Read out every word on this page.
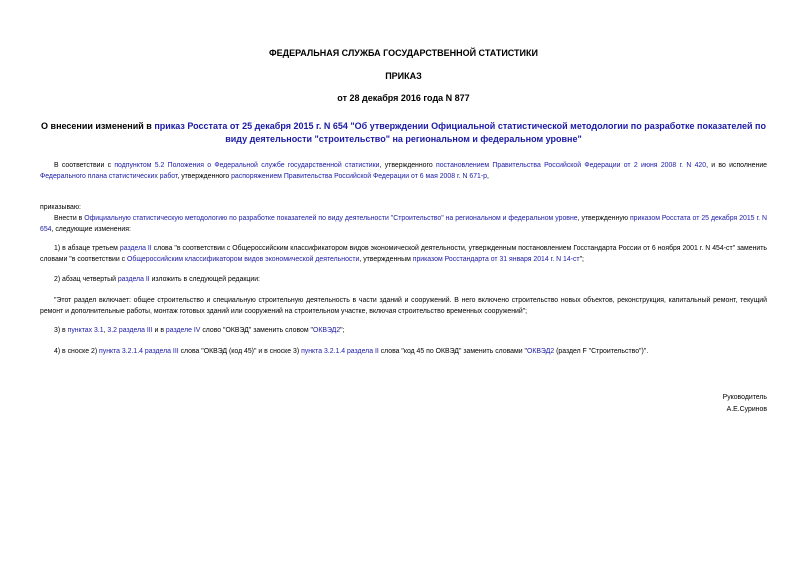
ФЕДЕРАЛЬНАЯ СЛУЖБА ГОСУДАРСТВЕННОЙ СТАТИСТИКИ
ПРИКАЗ
от 28 декабря 2016 года N 877
О внесении изменений в приказ Росстата от 25 декабря 2015 г. N 654 "Об утверждении Официальной статистической методологии по разработке показателей по виду деятельности "строительство" на региональном и федеральном уровне"
В соответствии с подпунктом 5.2 Положения о Федеральной службе государственной статистики, утвержденного постановлением Правительства Российской Федерации от 2 июня 2008 г. N 420, и во исполнение Федерального плана статистических работ, утвержденного распоряжением Правительства Российской Федерации от 6 мая 2008 г. N 671-р,
приказываю:
Внести в Официальную статистическую методологию по разработке показателей по виду деятельности "Строительство" на региональном и федеральном уровне, утвержденную приказом Росстата от 25 декабря 2015 г. N 654, следующие изменения:
1) в абзаце третьем раздела II слова "в соответствии с Общероссийским классификатором видов экономической деятельности, утвержденным постановлением Госстандарта России от 6 ноября 2001 г. N 454-ст" заменить словами "в соответствии с Общероссийским классификатором видов экономической деятельности, утвержденным приказом Росстандарта от 31 января 2014 г. N 14-ст";
2) абзац четвертый раздела II изложить в следующей редакции:
"Этот раздел включает: общее строительство и специальную строительную деятельность в части зданий и сооружений. В него включено строительство новых объектов, реконструкция, капитальный ремонт, текущий ремонт и дополнительные работы, монтаж готовых зданий или сооружений на строительном участке, включая строительство временных сооружений";
3) в пунктах 3.1, 3.2 раздела III и в разделе IV слово "ОКВЭД" заменить словом "ОКВЭД2";
4) в сноске 2) пункта 3.2.1.4 раздела III слова "ОКВЭД (код 45)" и в сноске 3) пункта 3.2.1.4 раздела II слова "код 45 по ОКВЭД" заменить словами "ОКВЭД2 (раздел F "Строительство")".
Руководитель
А.Е.Суринов
